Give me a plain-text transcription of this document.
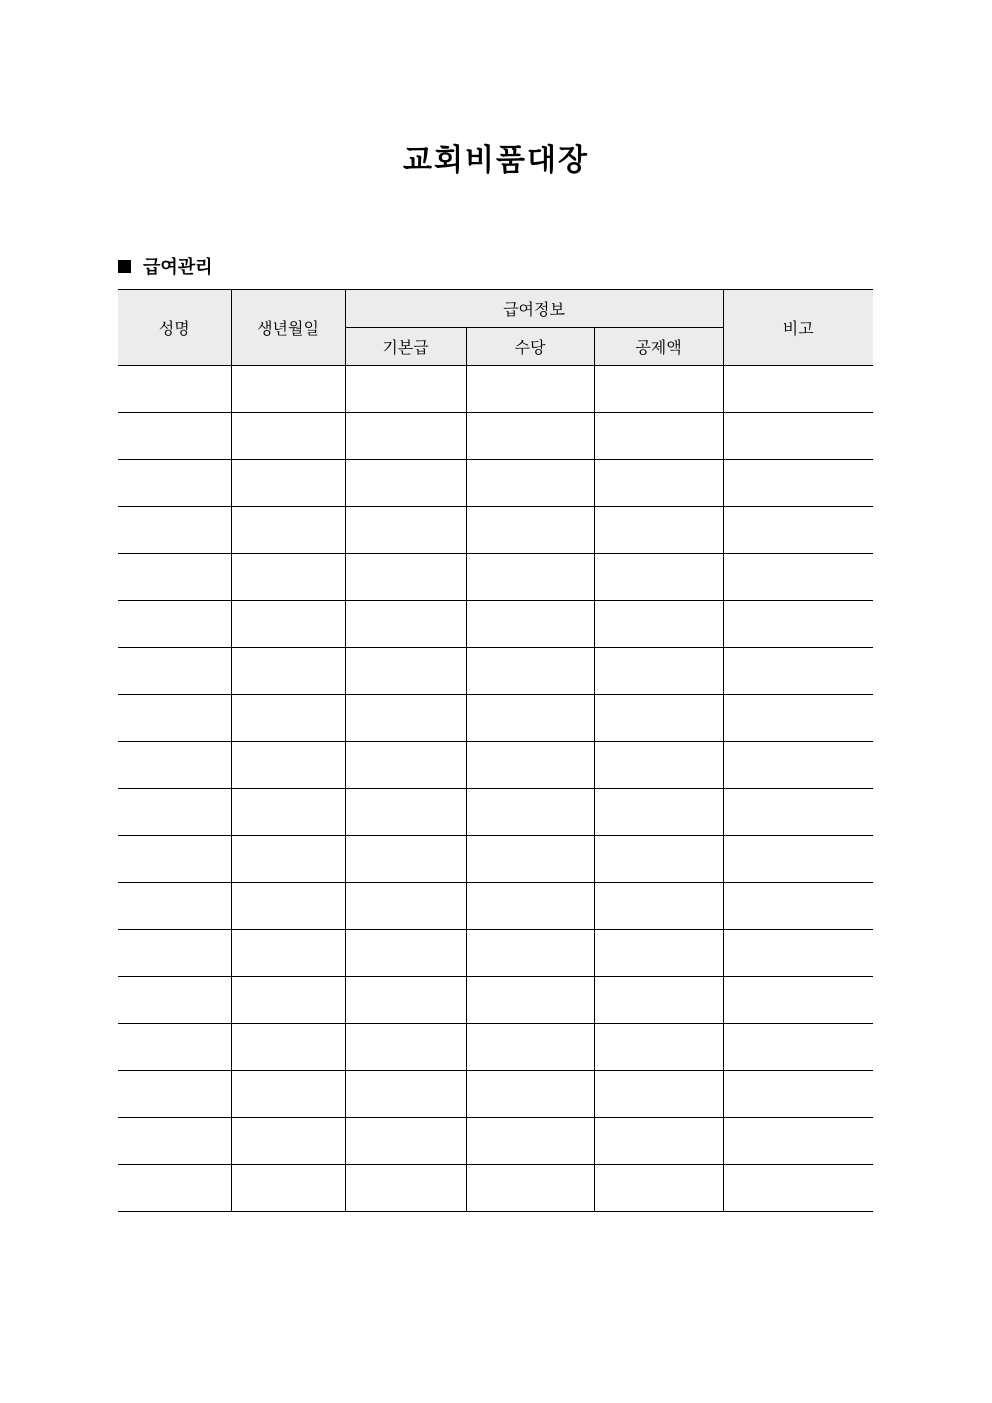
교회비품대장
급여관리
성명	생년월일	급여정보			비고
		기본급	수당	공제액	
